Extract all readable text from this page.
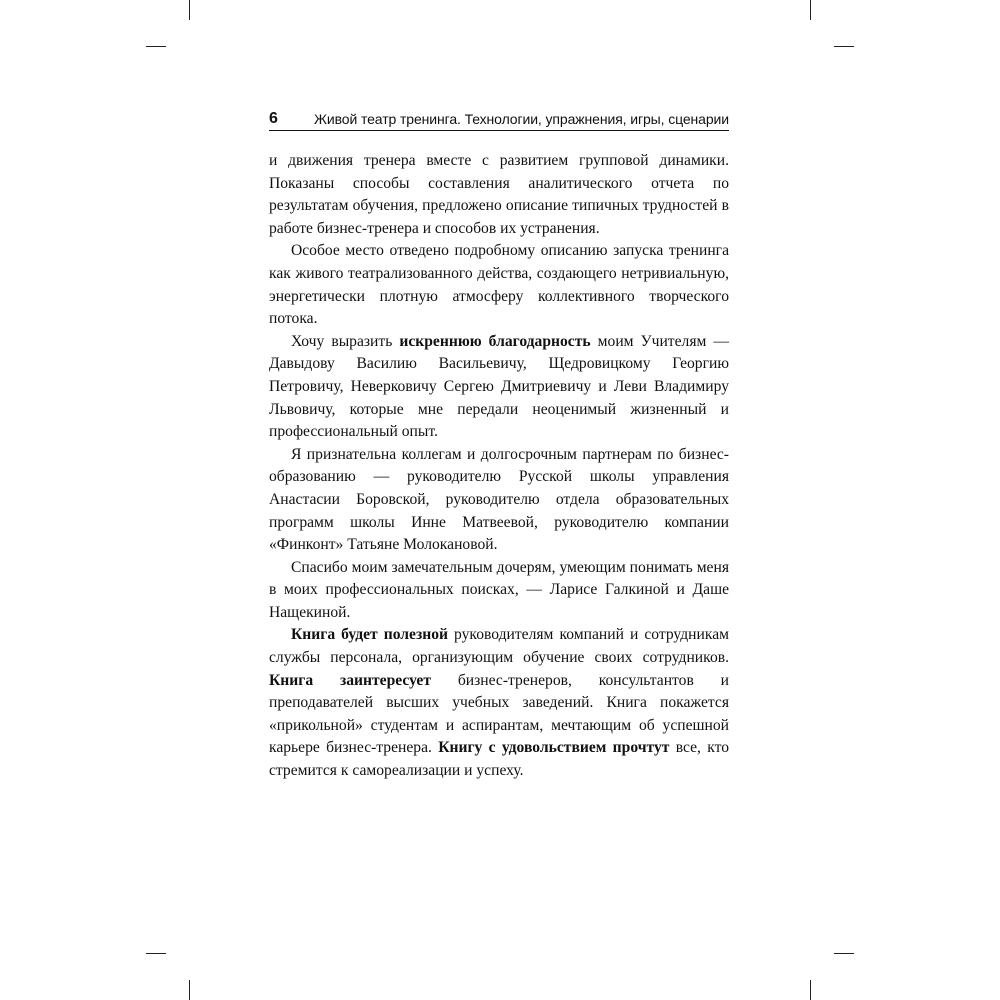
6	Живой театр тренинга. Технологии, упражнения, игры, сценарии

и движения тренера вместе с развитием групповой динамики. Показаны способы составления аналитического отчета по результатам обучения, предложено описание типичных трудностей в работе бизнес-тренера и способов их устранения.

Особое место отведено подробному описанию запуска тренинга как живого театрализованного действа, создающего нетривиальную, энергетически плотную атмосферу коллективного творческого потока.

Хочу выразить искреннюю благодарность моим Учителям — Давыдову Василию Васильевичу, Щедровицкому Георгию Петровичу, Неверковичу Сергею Дмитриевичу и Леви Владимиру Львовичу, которые мне передали неоценимый жизненный и профессиональный опыт.

Я признательна коллегам и долгосрочным партнерам по бизнес-образованию — руководителю Русской школы управления Анастасии Боровской, руководителю отдела образовательных программ школы Инне Матвеевой, руководителю компании «Финконт» Татьяне Молокановой.

Спасибо моим замечательным дочерям, умеющим понимать меня в моих профессиональных поисках, — Ларисе Галкиной и Даше Нащекиной.

Книга будет полезной руководителям компаний и сотрудникам службы персонала, организующим обучение своих сотрудников. Книга заинтересует бизнес-тренеров, консультантов и преподавателей высших учебных заведений. Книга покажется «прикольной» студентам и аспирантам, мечтающим об успешной карьере бизнес-тренера. Книгу с удовольствием прочтут все, кто стремится к самореализации и успеху.
